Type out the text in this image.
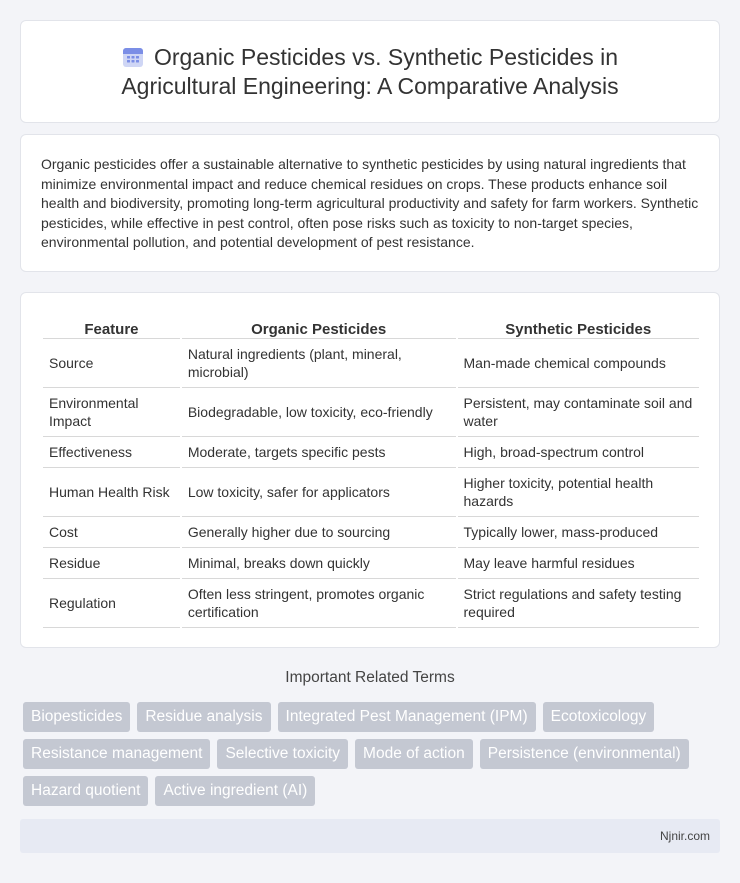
Organic Pesticides vs. Synthetic Pesticides in
Agricultural Engineering: A Comparative Analysis

Organic pesticides offer a sustainable alternative to synthetic pesticides by using natural ingredients that minimize environmental impact and reduce chemical residues on crops. These products enhance soil health and biodiversity, promoting long-term agricultural productivity and safety for farm workers. Synthetic pesticides, while effective in pest control, often pose risks such as toxicity to non-target species, environmental pollution, and potential development of pest resistance.

Feature	Organic Pesticides	Synthetic Pesticides
Source	Natural ingredients (plant, mineral, microbial)	Man-made chemical compounds
Environmental Impact	Biodegradable, low toxicity, eco-friendly	Persistent, may contaminate soil and water
Effectiveness	Moderate, targets specific pests	High, broad-spectrum control
Human Health Risk	Low toxicity, safer for applicators	Higher toxicity, potential health hazards
Cost	Generally higher due to sourcing	Typically lower, mass-produced
Residue	Minimal, breaks down quickly	May leave harmful residues
Regulation	Often less stringent, promotes organic certification	Strict regulations and safety testing required
Important Related Terms
Biopesticides	Residue analysis	Integrated Pest Management (IPM)	Ecotoxicology
Resistance management	Selective toxicity	Mode of action	Persistence (environmental)
Hazard quotient	Active ingredient (AI)
Njnir.com
